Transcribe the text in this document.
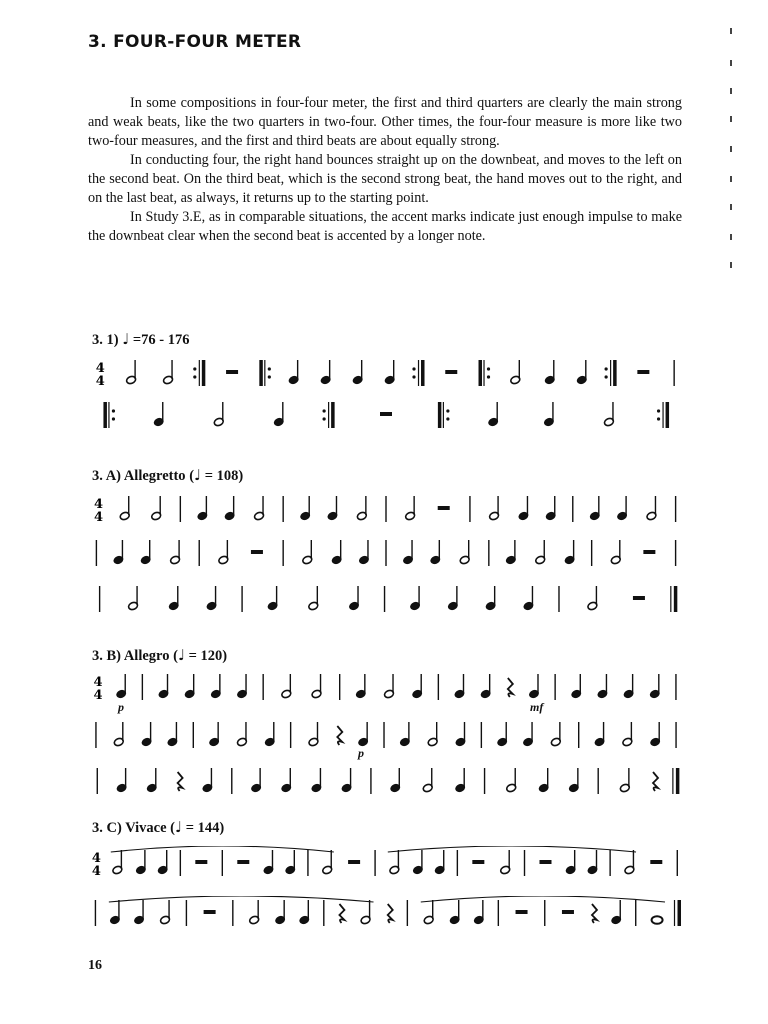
3. FOUR-FOUR METER

In some compositions in four-four meter, the first and third quarters are clearly the main strong and weak beats, like the two quarters in two-four. Other times, the four-four measure is more like two two-four measures, and the first and third beats are about equally strong.

In conducting four, the right hand bounces straight up on the downbeat, and moves to the left on the second beat. On the third beat, which is the second strong beat, the hand moves out to the right, and on the last beat, as always, it returns up to the starting point.

In Study 3.E, as in comparable situations, the accent marks indicate just enough impulse to make the downbeat clear when the second beat is accented by a longer note.

3. 1) ♩ =76 - 176
4
4
3. A) Allegretto (♩ = 108)
4
4
3. B) Allegro (♩ = 120)
4
4
p	mf
p
3. C) Vivace (♩ = 144)
4
4
16
